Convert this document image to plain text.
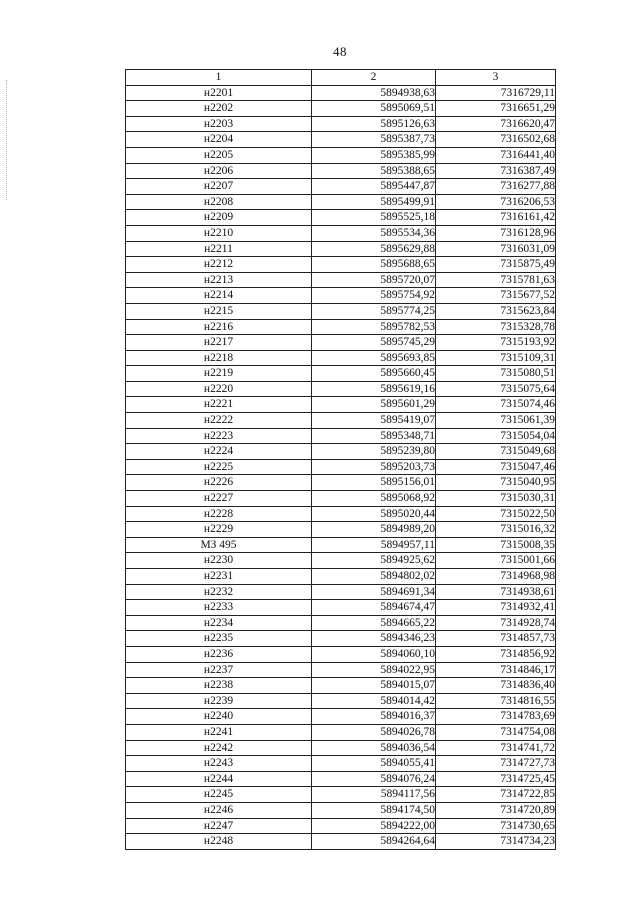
48
1	2	3
н2201	5894938,63	7316729,11
н2202	5895069,51	7316651,29
н2203	5895126,63	7316620,47
н2204	5895387,73	7316502,68
н2205	5895385,99	7316441,40
н2206	5895388,65	7316387,49
н2207	5895447,87	7316277,88
н2208	5895499,91	7316206,53
н2209	5895525,18	7316161,42
н2210	5895534,36	7316128,96
н2211	5895629,88	7316031,09
н2212	5895688,65	7315875,49
н2213	5895720,07	7315781,63
н2214	5895754,92	7315677,52
н2215	5895774,25	7315623,84
н2216	5895782,53	7315328,78
н2217	5895745,29	7315193,92
н2218	5895693,85	7315109,31
н2219	5895660,45	7315080,51
н2220	5895619,16	7315075,64
н2221	5895601,29	7315074,46
н2222	5895419,07	7315061,39
н2223	5895348,71	7315054,04
н2224	5895239,80	7315049,68
н2225	5895203,73	7315047,46
н2226	5895156,01	7315040,95
н2227	5895068,92	7315030,31
н2228	5895020,44	7315022,50
н2229	5894989,20	7315016,32
МЗ 495	5894957,11	7315008,35
н2230	5894925,62	7315001,66
н2231	5894802,02	7314968,98
н2232	5894691,34	7314938,61
н2233	5894674,47	7314932,41
н2234	5894665,22	7314928,74
н2235	5894346,23	7314857,73
н2236	5894060,10	7314856,92
н2237	5894022,95	7314846,17
н2238	5894015,07	7314836,40
н2239	5894014,42	7314816,55
н2240	5894016,37	7314783,69
н2241	5894026,78	7314754,08
н2242	5894036,54	7314741,72
н2243	5894055,41	7314727,73
н2244	5894076,24	7314725,45
н2245	5894117,56	7314722,85
н2246	5894174,50	7314720,89
н2247	5894222,00	7314730,65
н2248	5894264,64	7314734,23
